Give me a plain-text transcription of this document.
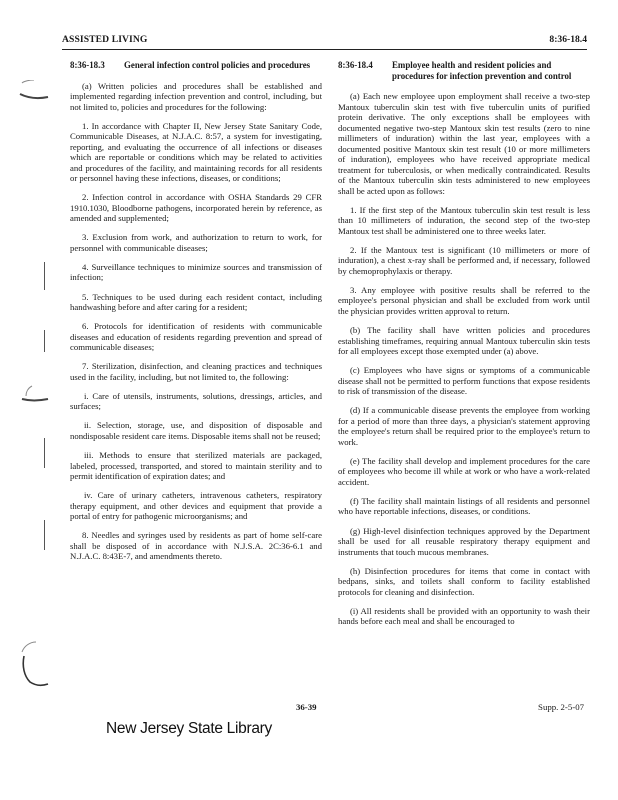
ASSISTED LIVING	8:36-18.4
8:36-18.3	General infection control policies and procedures

(a) Written policies and procedures shall be established and implemented regarding infection prevention and control, including, but not limited to, policies and procedures for the following:

1. In accordance with Chapter II, New Jersey State Sanitary Code, Communicable Diseases, at N.J.A.C. 8:57, a system for investigating, reporting, and evaluating the occurrence of all infections or diseases which are reportable or conditions which may be related to activities and procedures of the facility, and maintaining records for all residents or personnel having these infections, diseases, or conditions;

2. Infection control in accordance with OSHA Standards 29 CFR 1910.1030, Bloodborne pathogens, incorporated herein by reference, as amended and supplemented;

3. Exclusion from work, and authorization to return to work, for personnel with communicable diseases;

4. Surveillance techniques to minimize sources and transmission of infection;

5. Techniques to be used during each resident contact, including handwashing before and after caring for a resident;

6. Protocols for identification of residents with communicable diseases and education of residents regarding prevention and spread of communicable diseases;

7. Sterilization, disinfection, and cleaning practices and techniques used in the facility, including, but not limited to, the following:

i. Care of utensils, instruments, solutions, dressings, articles, and surfaces;

ii. Selection, storage, use, and disposition of disposable and nondisposable resident care items. Disposable items shall not be reused;

iii. Methods to ensure that sterilized materials are packaged, labeled, processed, transported, and stored to maintain sterility and to permit identification of expiration dates; and

iv. Care of urinary catheters, intravenous catheters, respiratory therapy equipment, and other devices and equipment that provide a portal of entry for pathogenic microorganisms; and

8. Needles and syringes used by residents as part of home self-care shall be disposed of in accordance with N.J.S.A. 2C:36-6.1 and N.J.A.C. 8:43E-7, and amendments thereto.

8:36-18.4	Employee health and resident policies and procedures for infection prevention and control

(a) Each new employee upon employment shall receive a two-step Mantoux tuberculin skin test with five tuberculin units of purified protein derivative. The only exceptions shall be employees with documented negative two-step Mantoux skin test results (zero to nine millimeters of induration) within the last year, employees with a documented positive Mantoux skin test result (10 or more millimeters of induration), employees who have received appropriate medical treatment for tuberculosis, or when medically contraindicated. Results of the Mantoux tuberculin skin tests administered to new employees shall be acted upon as follows:

1. If the first step of the Mantoux tuberculin skin test result is less than 10 millimeters of induration, the second step of the two-step Mantoux test shall be administered one to three weeks later.

2. If the Mantoux test is significant (10 millimeters or more of induration), a chest x-ray shall be performed and, if necessary, followed by chemoprophylaxis or therapy.

3. Any employee with positive results shall be referred to the employee's personal physician and shall be excluded from work until the physician provides written approval to return.

(b) The facility shall have written policies and procedures establishing timeframes, requiring annual Mantoux tuberculin skin tests for all employees except those exempted under (a) above.

(c) Employees who have signs or symptoms of a communicable disease shall not be permitted to perform functions that expose residents to risk of transmission of the disease.

(d) If a communicable disease prevents the employee from working for a period of more than three days, a physician's statement approving the employee's return shall be required prior to the employee's return to work.

(e) The facility shall develop and implement procedures for the care of employees who become ill while at work or who have a work-related accident.

(f) The facility shall maintain listings of all residents and personnel who have reportable infections, diseases, or conditions.

(g) High-level disinfection techniques approved by the Department shall be used for all reusable respiratory therapy equipment and instruments that touch mucous membranes.

(h) Disinfection procedures for items that come in contact with bedpans, sinks, and toilets shall conform to facility established protocols for cleaning and disinfection.

(i) All residents shall be provided with an opportunity to wash their hands before each meal and shall be encouraged to

36-39	Supp. 2-5-07
New Jersey State Library
